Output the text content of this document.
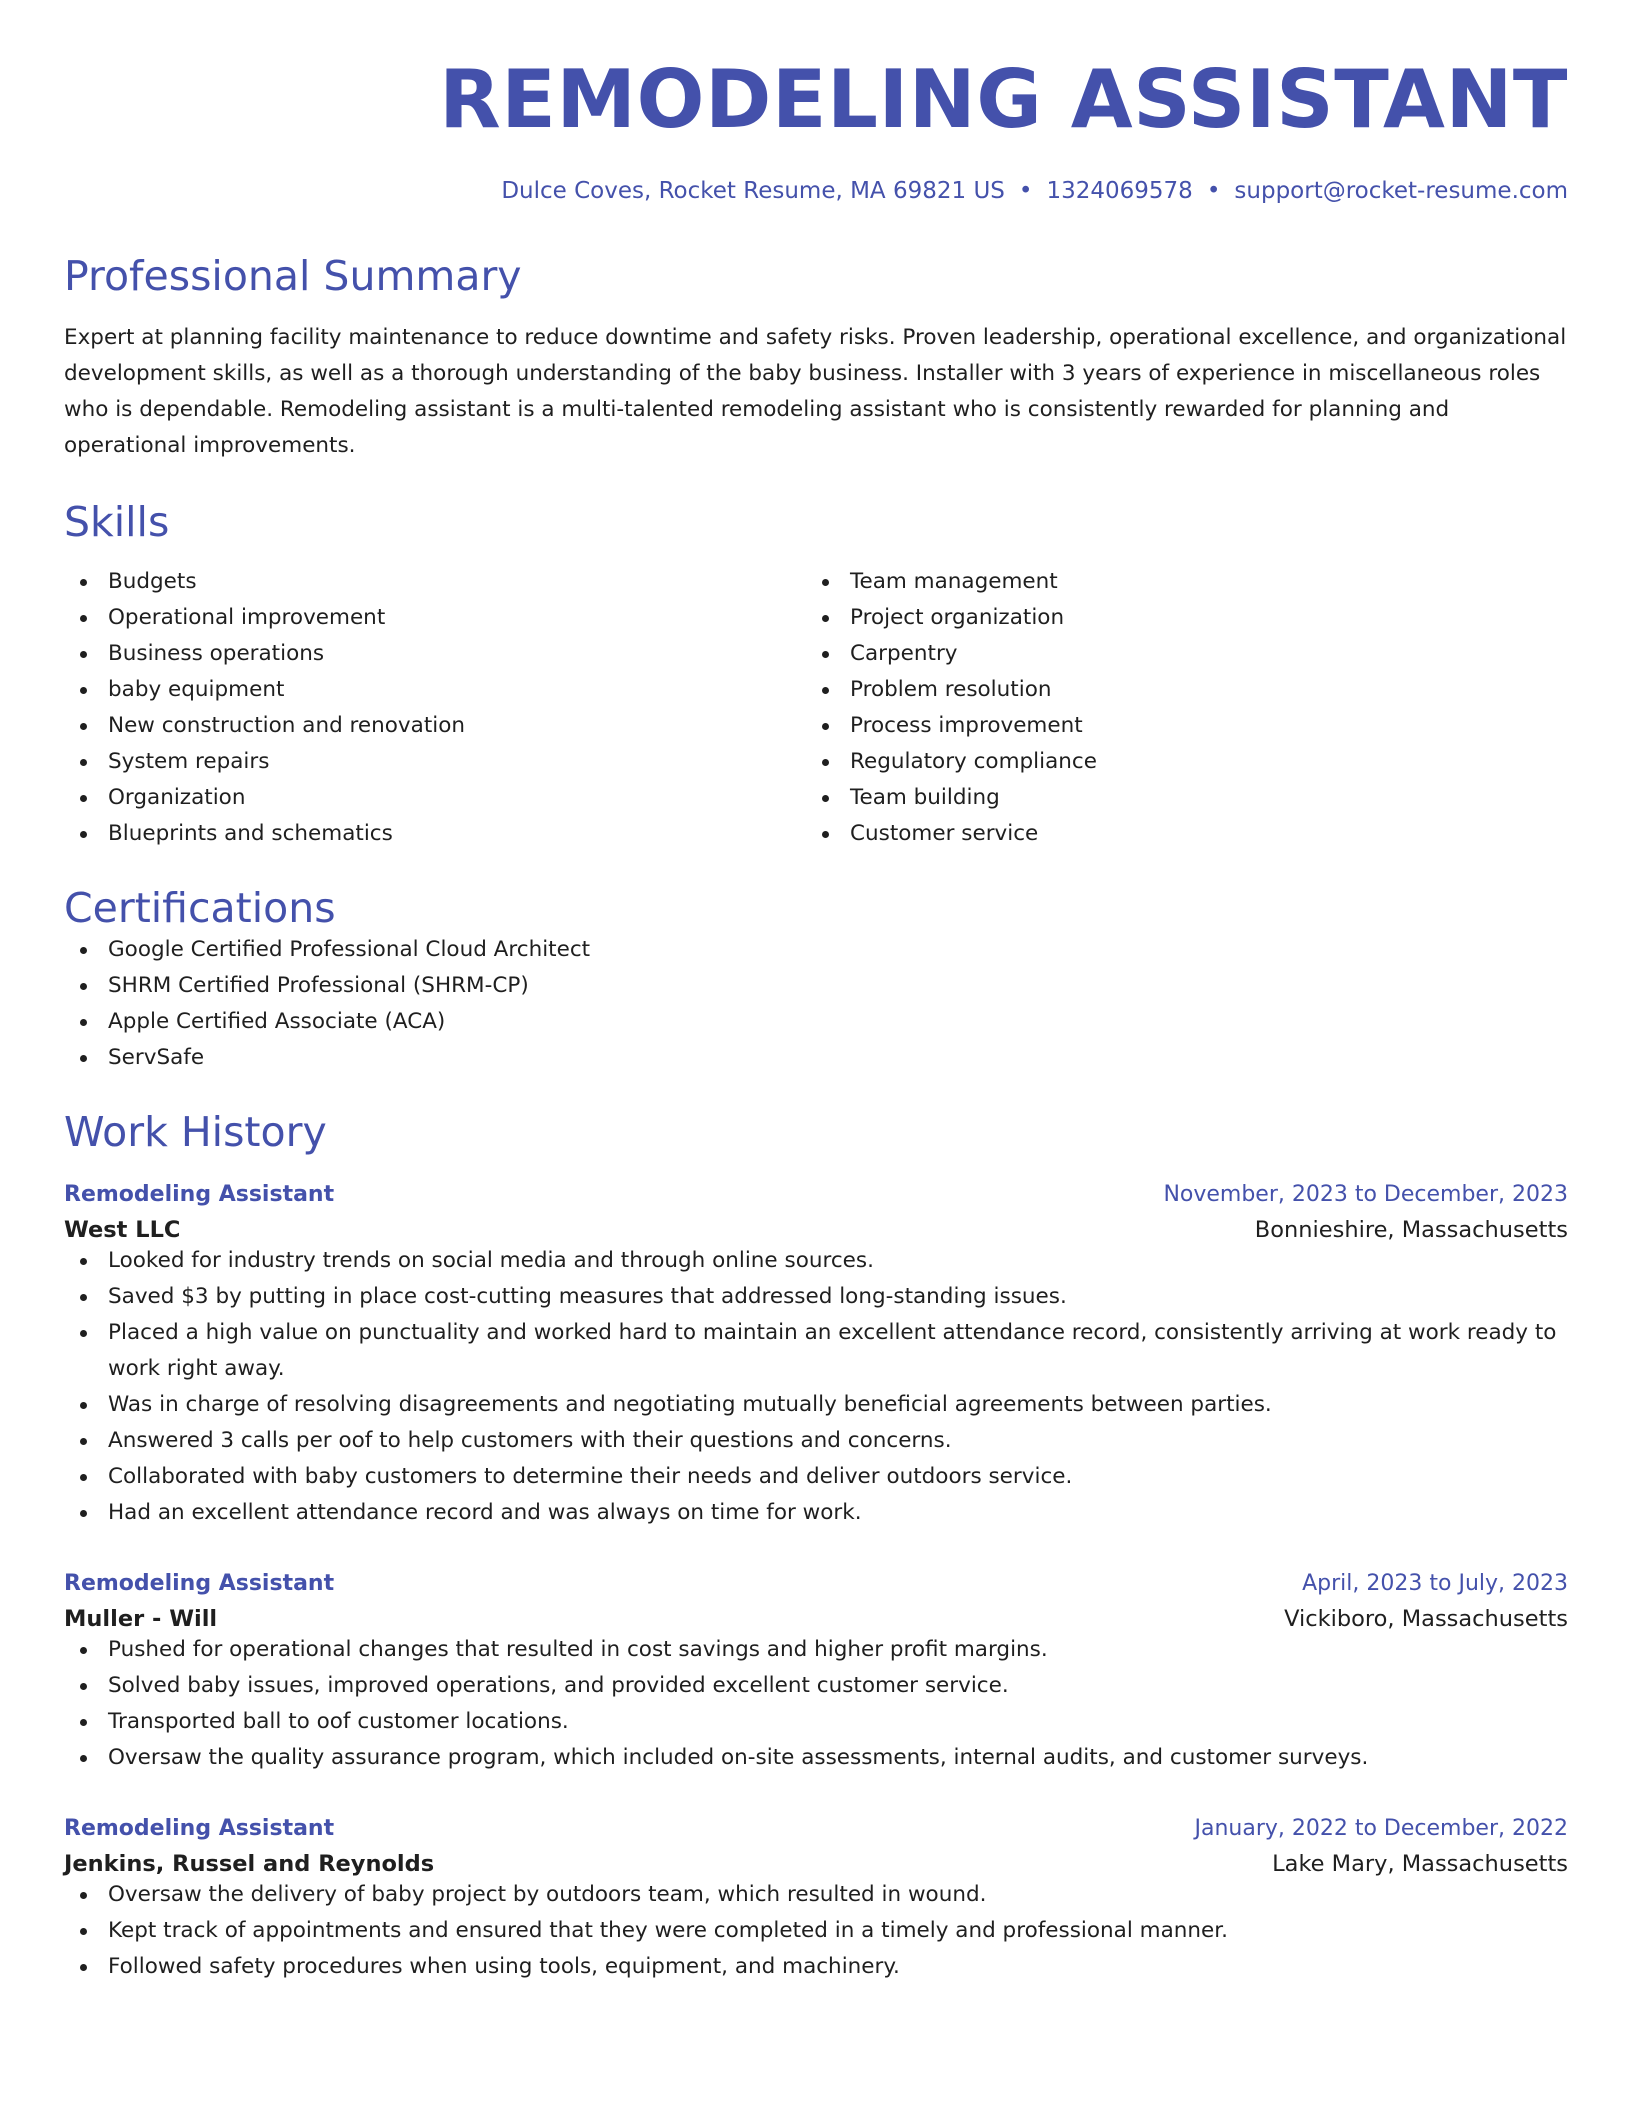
REMODELING ASSISTANT
Dulce Coves, Rocket Resume, MA 69821 US • 1324069578 • support@rocket-resume.com
Professional Summary

Expert at planning facility maintenance to reduce downtime and safety risks. Proven leadership, operational excellence, and organizational development skills, as well as a thorough understanding of the baby business. Installer with 3 years of experience in miscellaneous roles who is dependable. Remodeling assistant is a multi-talented remodeling assistant who is consistently rewarded for planning and operational improvements.

Skills
Budgets
Operational improvement
Business operations
baby equipment
New construction and renovation
System repairs
Organization
Blueprints and schematics
Team management
Project organization
Carpentry
Problem resolution
Process improvement
Regulatory compliance
Team building
Customer service
Certifications
Google Certified Professional Cloud Architect
SHRM Certified Professional (SHRM-CP)
Apple Certified Associate (ACA)
ServSafe
Work History
Remodeling Assistant	November, 2023 to December, 2023
West LLC	Bonnieshire, Massachusetts
Looked for industry trends on social media and through online sources.
Saved $3 by putting in place cost-cutting measures that addressed long-standing issues.
Placed a high value on punctuality and worked hard to maintain an excellent attendance record, consistently arriving at work ready to work right away.
Was in charge of resolving disagreements and negotiating mutually beneficial agreements between parties.
Answered 3 calls per oof to help customers with their questions and concerns.
Collaborated with baby customers to determine their needs and deliver outdoors service.
Had an excellent attendance record and was always on time for work.
Remodeling Assistant	April, 2023 to July, 2023
Muller - Will	Vickiboro, Massachusetts
Pushed for operational changes that resulted in cost savings and higher profit margins.
Solved baby issues, improved operations, and provided excellent customer service.
Transported ball to oof customer locations.
Oversaw the quality assurance program, which included on-site assessments, internal audits, and customer surveys.
Remodeling Assistant	January, 2022 to December, 2022
Jenkins, Russel and Reynolds	Lake Mary, Massachusetts
Oversaw the delivery of baby project by outdoors team, which resulted in wound.
Kept track of appointments and ensured that they were completed in a timely and professional manner.
Followed safety procedures when using tools, equipment, and machinery.
